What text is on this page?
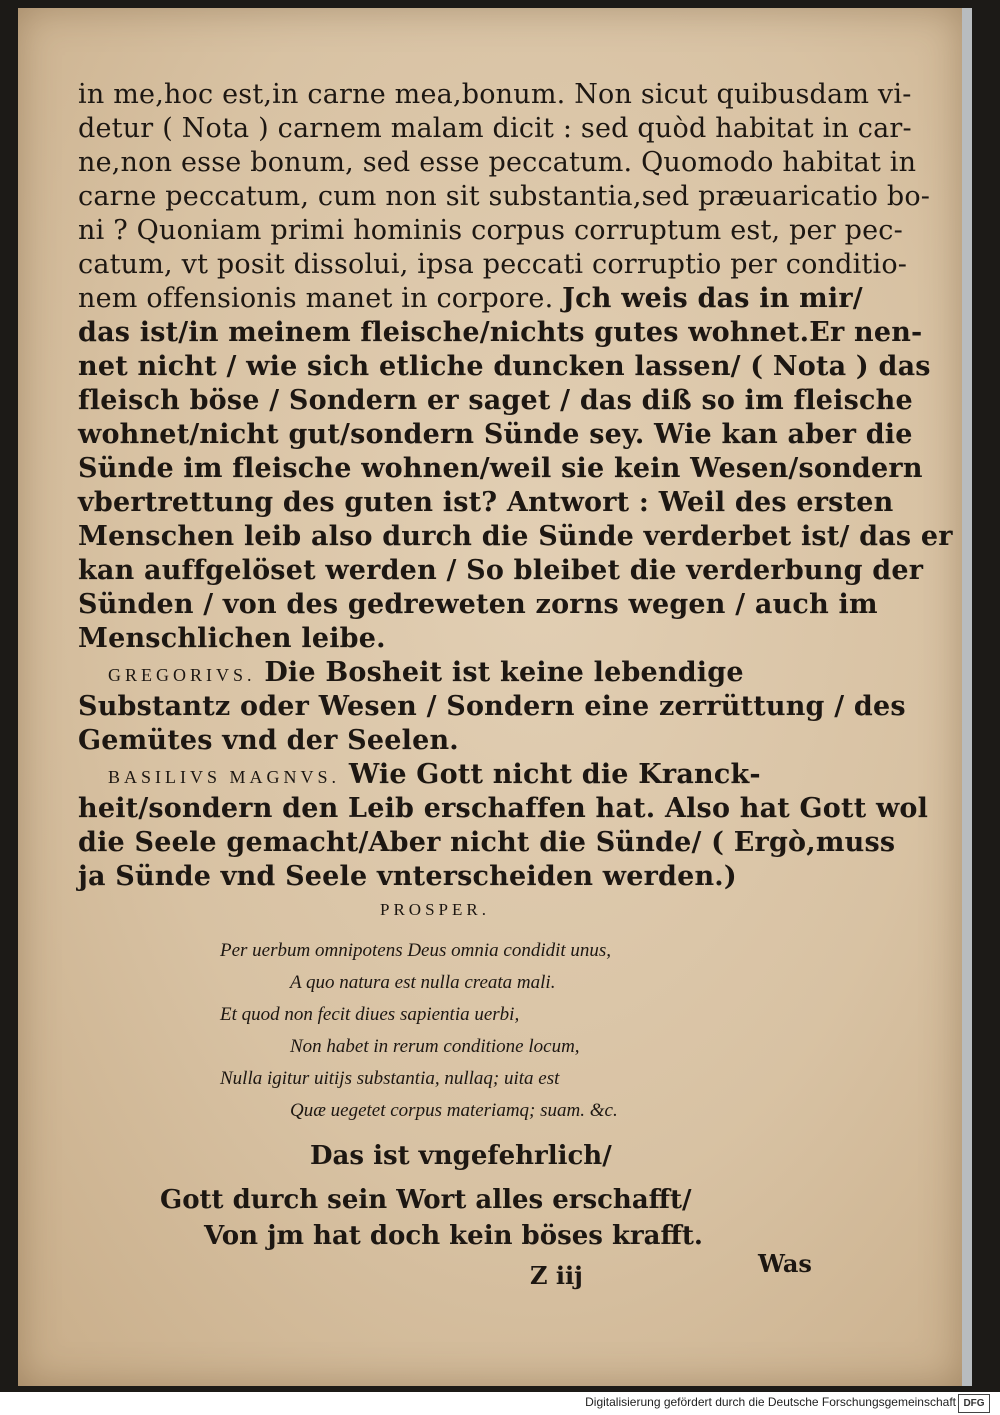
in me,hoc est,in carne mea,bonum. Non sicut quibusdam vi‐
detur ( Nota ) carnem malam dicit : sed quòd habitat in car‐
ne,non esse bonum, sed esse peccatum. Quomodo habitat in
carne peccatum, cum non sit substantia,sed præuaricatio bo‐
ni ? Quoniam primi hominis corpus corruptum est, per pec‐
catum, vt posit dissolui, ipsa peccati corruptio per conditio‐
nem offensionis manet in corpore. Jch weis das in mir/
das ist/in meinem fleische/nichts gutes wohnet.Er nen‐
net nicht / wie sich etliche duncken lassen/ ( Nota ) das
fleisch böse / Sondern er saget / das diß so im fleische
wohnet/nicht gut/sondern Sünde sey. Wie kan aber die
Sünde im fleische wohnen/weil sie kein Wesen/sondern
vbertrettung des guten ist? Antwort : Weil des ersten
Menschen leib also durch die Sünde verderbet ist/ das er
kan auffgelöset werden / So bleibet die verderbung der
Sünden / von des gedreweten zorns wegen / auch im
Menschlichen leibe.
GREGORIVS. Die Bosheit ist keine lebendige
Substantz oder Wesen / Sondern eine zerrüttung / des
Gemütes vnd der Seelen.
BASILIVS MAGNVS. Wie Gott nicht die Kranck‐
heit/sondern den Leib erschaffen hat. Also hat Gott wol
die Seele gemacht/Aber nicht die Sünde/ ( Ergò,muss
ja Sünde vnd Seele vnterscheiden werden.)
PROSPER.
Per uerbum omnipotens Deus omnia condidit unus,
A quo natura est nulla creata mali.
Et quod non fecit diues sapientia uerbi,
Non habet in rerum conditione locum,
Nulla igitur uitijs substantia, nullaq; uita est
Quæ uegetet corpus materiamq; suam. &c.
Das ist vngefehrlich/
Gott durch sein Wort alles erschafft/
Von jm hat doch kein böses krafft.
Z iij	Was
Digitalisierung gefördert durch die Deutsche Forschungsgemeinschaft DFG
